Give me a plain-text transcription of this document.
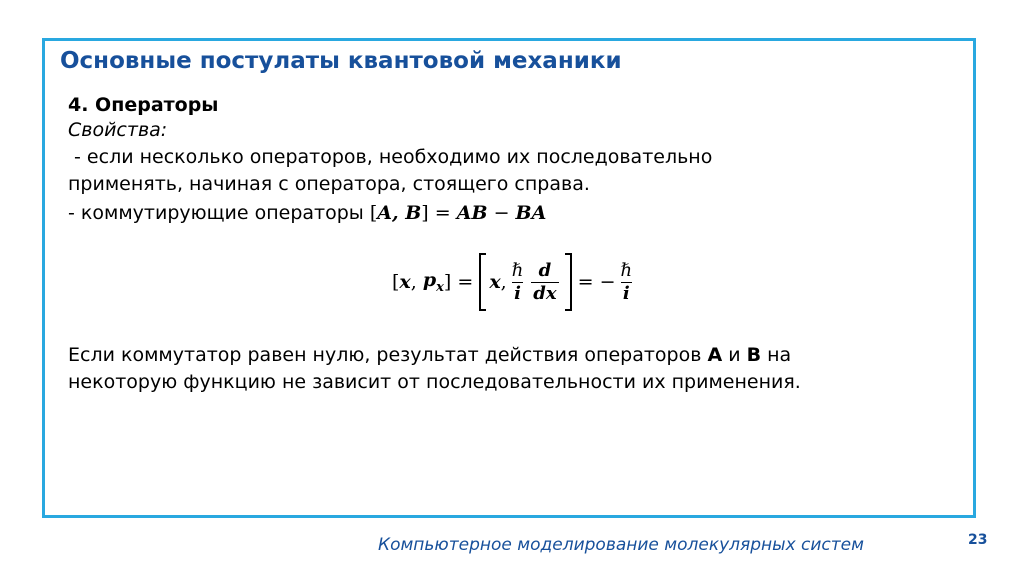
Основные постулаты квантовой механики
4. Операторы
Свойства:
- если несколько операторов, необходимо их последовательно
применять, начиная с оператора, стоящего справа.
- коммутирующие операторы [A, B] = AB − BA
[ x , $p_x$ ] = x , $\frac{\text{ℏ}}{i} \frac{d}{dx}$ = − $\frac{\text{ℏ}}{i}$
Если коммутатор равен нулю, результат действия операторов A и B на
некоторую функцию не зависит от последовательности их применения.
Компьютерное моделирование молекулярных систем	23
